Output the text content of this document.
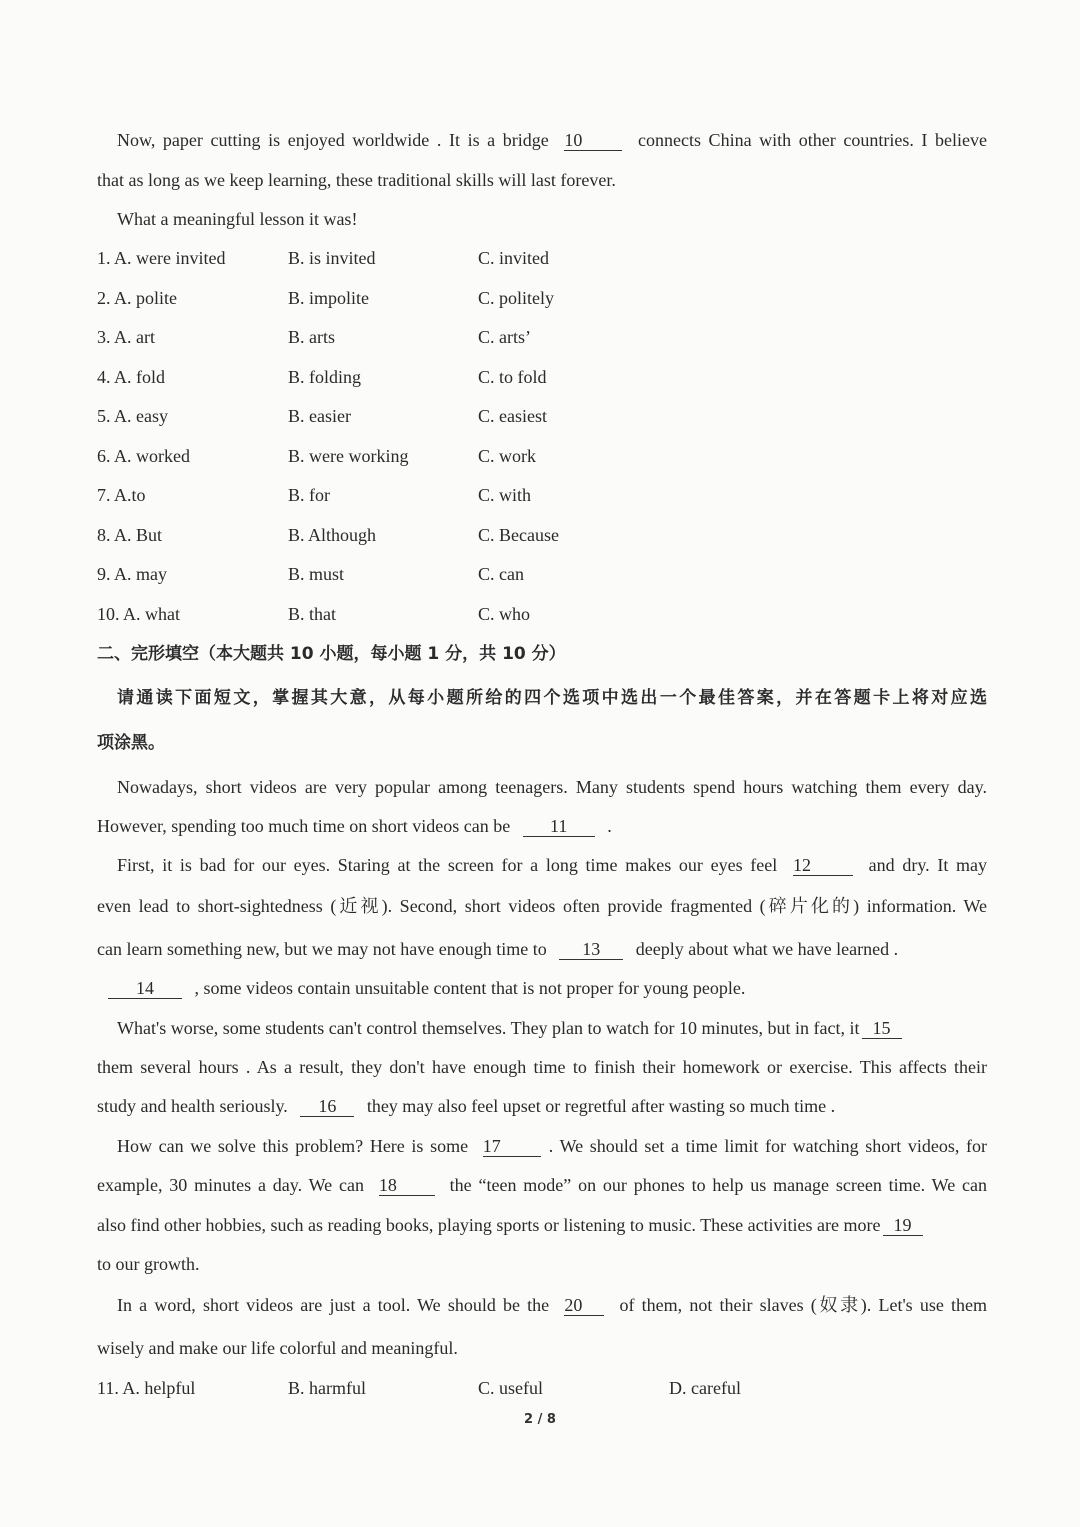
Now, paper cutting is enjoyed worldwide . It is a bridge 10	connects China with other countries. I believe
that as long as we keep learning, these traditional skills will last forever.
What a meaningful lesson it was!
1. A. were invited	B. is invited	C. invited
2. A. polite	B. impolite	C. politely
3. A. art	B. arts	C. arts’
4. A. fold	B. folding	C. to fold
5. A. easy	B. easier	C. easiest
6. A. worked	B. were working	C. work
7. A.to	B. for	C. with
8. A. But	B. Although	C. Because
9. A. may	B. must	C. can
10. A. what	B. that	C. who
二、完形填空（本大题共 10 小题，每小题 1 分，共 10 分）
请通读下面短文，掌握其大意，从每小题所给的四个选项中选出一个最佳答案，并在答题卡上将对应选
项涂黑。
Nowadays, short videos are very popular among teenagers. Many students spend hours watching them every day.
However, spending too much time on short videos can be 11 .
First, it is bad for our eyes. Staring at the screen for a long time makes our eyes feel 12	and dry. It may
even lead to short-sightedness (近视). Second, short videos often provide fragmented (碎片化的) information. We
can learn something new, but we may not have enough time to 13 deeply about what we have learned .
14 , some videos contain unsuitable content that is not proper for young people.
What's worse, some students can't control themselves. They plan to watch for 10 minutes, but in fact, it 15
them several hours . As a result, they don't have enough time to finish their homework or exercise. This affects their
study and health seriously. 16 they may also feel upset or regretful after wasting so much time .
How can we solve this problem? Here is some 17	. We should set a time limit for watching short videos, for
example, 30 minutes a day. We can 18	the “teen mode” on our phones to help us manage screen time. We can
also find other hobbies, such as reading books, playing sports or listening to music. These activities are more 19
to our growth.
In a word, short videos are just a tool. We should be the 20 of them, not their slaves (奴隶). Let's use them
wisely and make our life colorful and meaningful.
11. A. helpful	B. harmful	C. useful	D. careful
2 / 8
